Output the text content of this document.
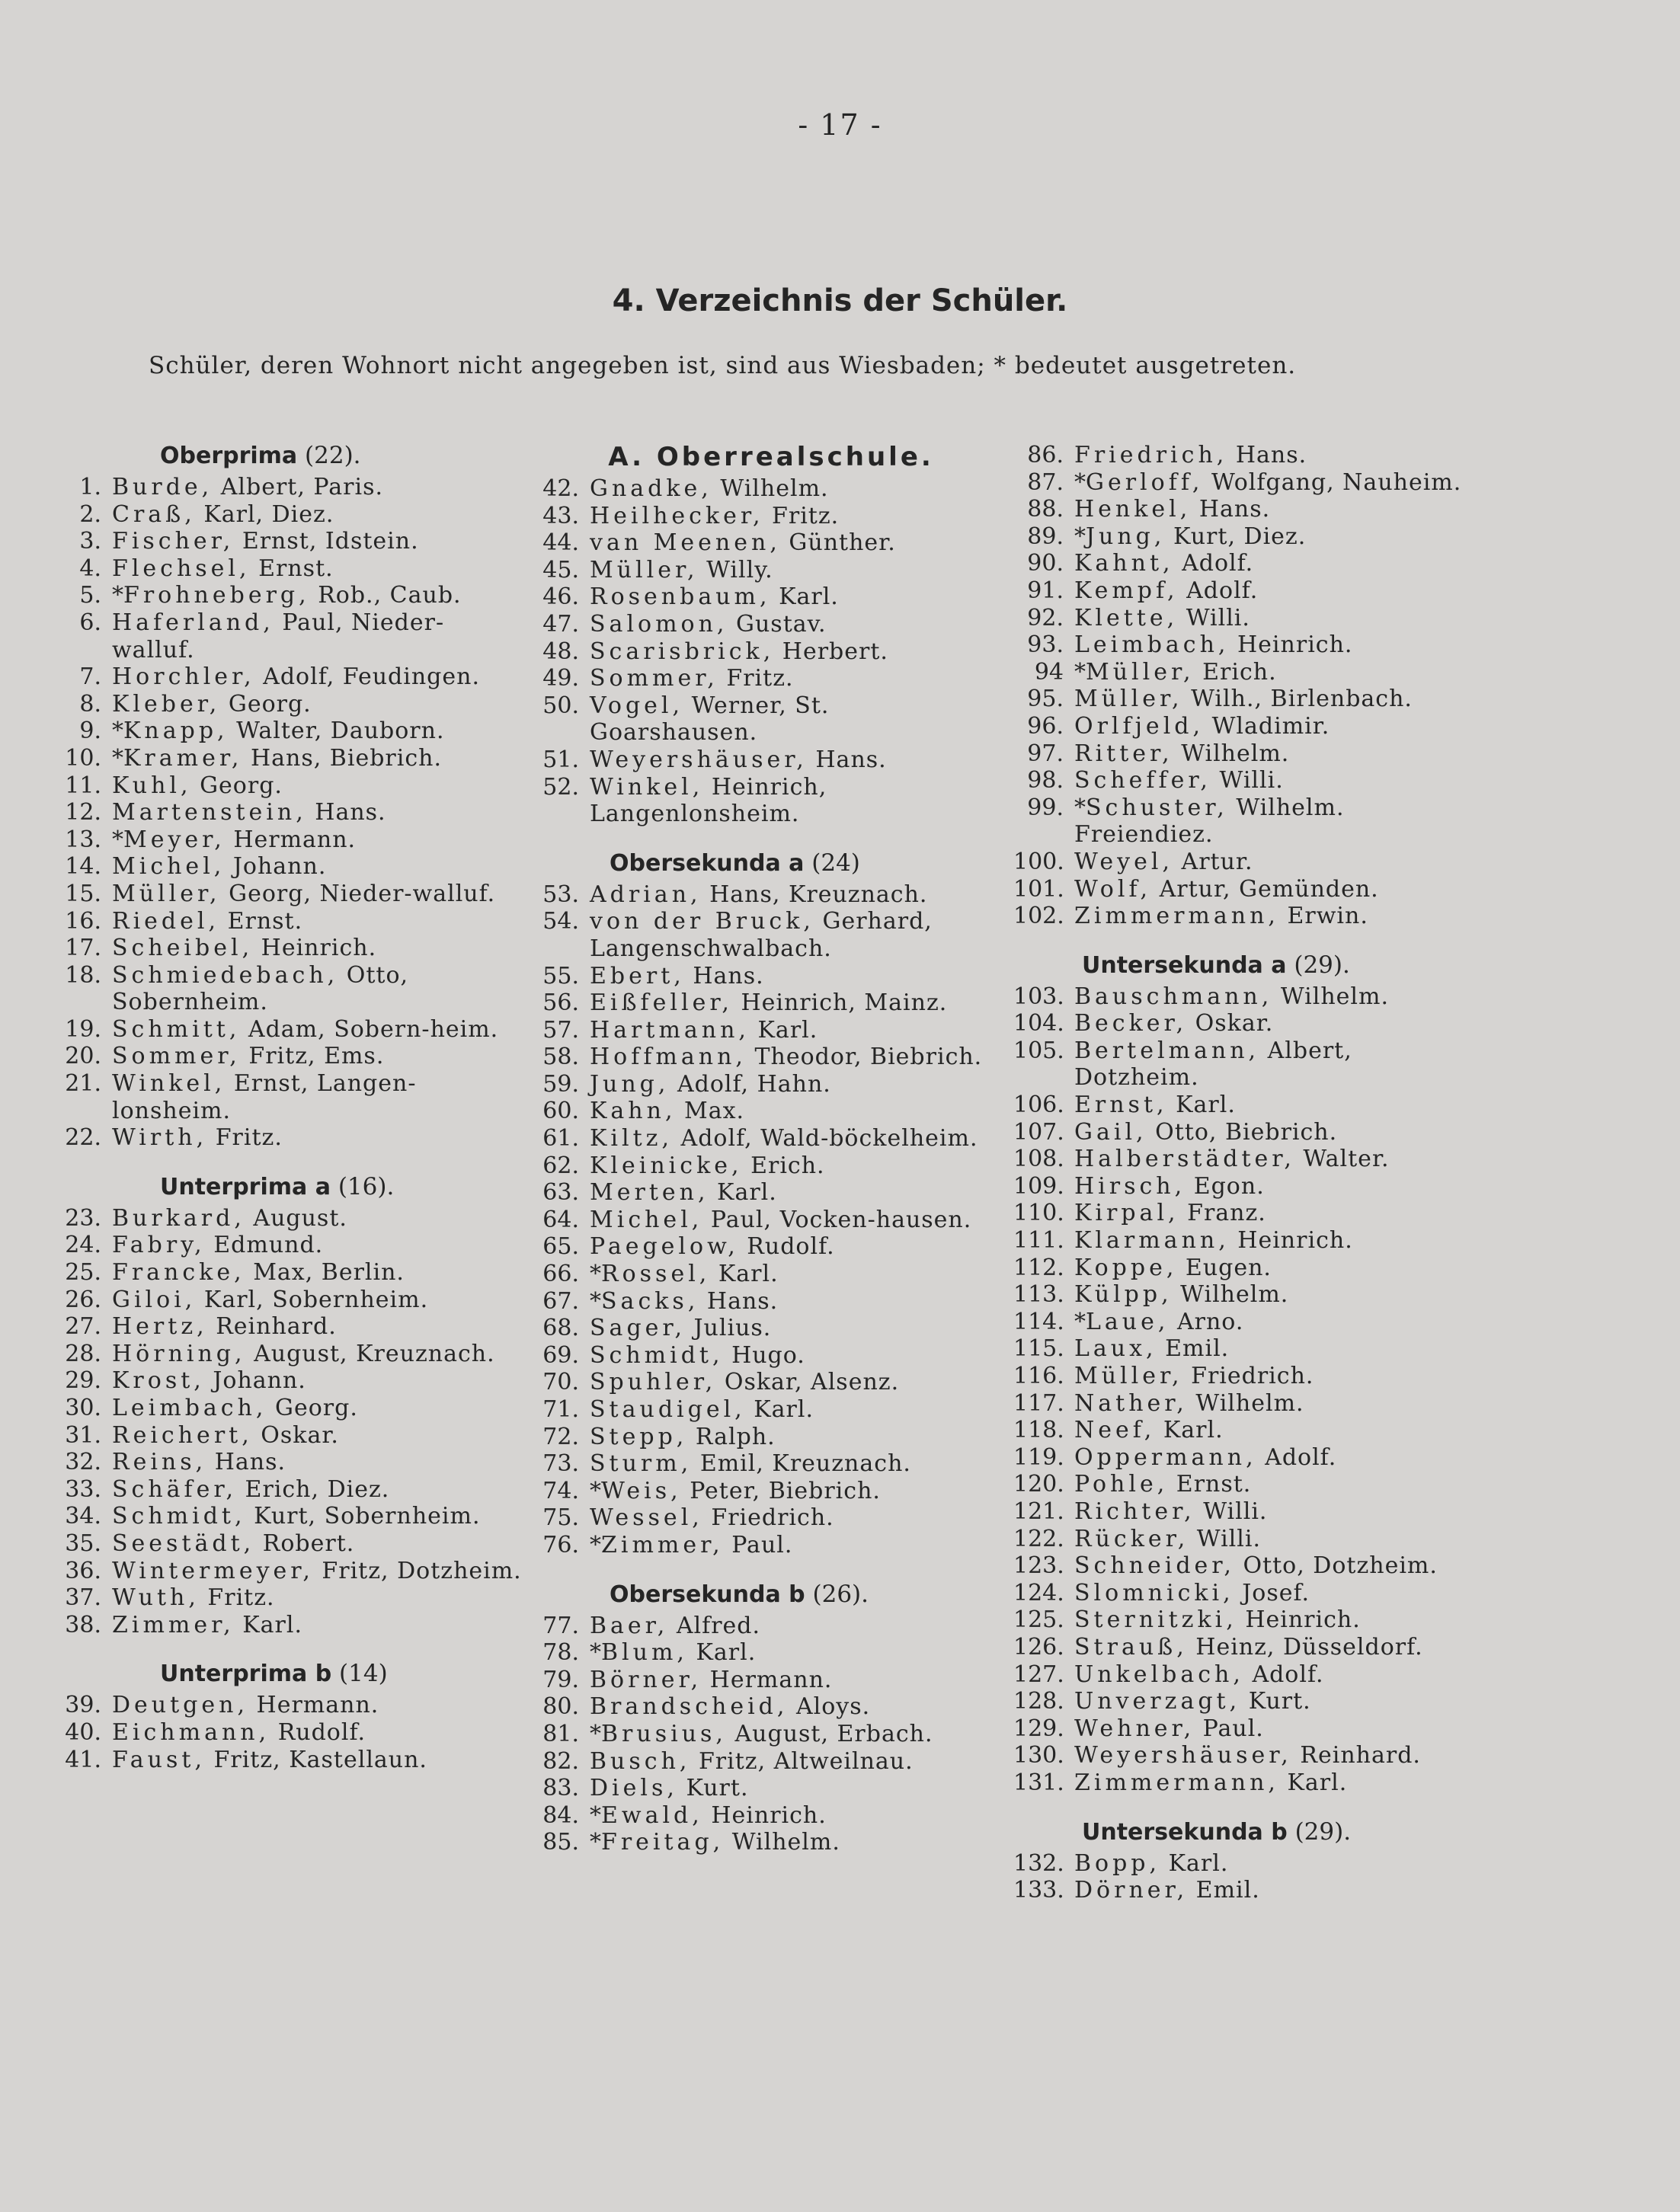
- 17 -
4. Verzeichnis der Schüler.
Schüler, deren Wohnort nicht angegeben ist, sind aus Wiesbaden; * bedeutet ausgetreten.
Oberprima (22).
1. Burde, Albert, Paris.
2. Craß, Karl, Diez.
3. Fischer, Ernst, Idstein.
4. Flechsel, Ernst.
5. *Frohneberg, Rob., Caub.
6. Haferland, Paul, Nieder-walluf.
7. Horchler, Adolf, Feudingen.
8. Kleber, Georg.
9. *Knapp, Walter, Dauborn.
10. *Kramer, Hans, Biebrich.
11. Kuhl, Georg.
12. Martenstein, Hans.
13. *Meyer, Hermann.
14. Michel, Johann.
15. Müller, Georg, Nieder-walluf.
16. Riedel, Ernst.
17. Scheibel, Heinrich.
18. Schmiedebach, Otto, Sobernheim.
19. Schmitt, Adam, Sobern-heim.
20. Sommer, Fritz, Ems.
21. Winkel, Ernst, Langen-lonsheim.
22. Wirth, Fritz.
Unterprima a (16).
23. Burkard, August.
24. Fabry, Edmund.
25. Francke, Max, Berlin.
26. Giloi, Karl, Sobernheim.
27. Hertz, Reinhard.
28. Hörning, August, Kreuznach.
29. Krost, Johann.
30. Leimbach, Georg.
31. Reichert, Oskar.
32. Reins, Hans.
33. Schäfer, Erich, Diez.
34. Schmidt, Kurt, Sobernheim.
35. Seestädt, Robert.
36. Wintermeyer, Fritz, Dotzheim.
37. Wuth, Fritz.
38. Zimmer, Karl.
Unterprima b (14)
39. Deutgen, Hermann.
40. Eichmann, Rudolf.
41. Faust, Fritz, Kastellaun.
A. Oberrealschule.
42. Gnadke, Wilhelm.
43. Heilhecker, Fritz.
44. van Meenen, Günther.
45. Müller, Willy.
46. Rosenbaum, Karl.
47. Salomon, Gustav.
48. Scarisbrick, Herbert.
49. Sommer, Fritz.
50. Vogel, Werner, St. Goarshausen.
51. Weyershäuser, Hans.
52. Winkel, Heinrich, Langenlonsheim.
Obersekunda a (24)
53. Adrian, Hans, Kreuznach.
54. von der Bruck, Gerhard, Langenschwalbach.
55. Ebert, Hans.
56. Eißfeller, Heinrich, Mainz.
57. Hartmann, Karl.
58. Hoffmann, Theodor, Biebrich.
59. Jung, Adolf, Hahn.
60. Kahn, Max.
61. Kiltz, Adolf, Wald-böckelheim.
62. Kleinicke, Erich.
63. Merten, Karl.
64. Michel, Paul, Vocken-hausen.
65. Paegelow, Rudolf.
66. *Rossel, Karl.
67. *Sacks, Hans.
68. Sager, Julius.
69. Schmidt, Hugo.
70. Spuhler, Oskar, Alsenz.
71. Staudigel, Karl.
72. Stepp, Ralph.
73. Sturm, Emil, Kreuznach.
74. *Weis, Peter, Biebrich.
75. Wessel, Friedrich.
76. *Zimmer, Paul.
Obersekunda b (26).
77. Baer, Alfred.
78. *Blum, Karl.
79. Börner, Hermann.
80. Brandscheid, Aloys.
81. *Brusius, August, Erbach.
82. Busch, Fritz, Altweilnau.
83. Diels, Kurt.
84. *Ewald, Heinrich.
85. *Freitag, Wilhelm.
86. Friedrich, Hans.
87. *Gerloff, Wolfgang, Nauheim.
88. Henkel, Hans.
89. *Jung, Kurt, Diez.
90. Kahnt, Adolf.
91. Kempf, Adolf.
92. Klette, Willi.
93. Leimbach, Heinrich.
94 *Müller, Erich.
95. Müller, Wilh., Birlenbach.
96. Orlfjeld, Wladimir.
97. Ritter, Wilhelm.
98. Scheffer, Willi.
99. *Schuster, Wilhelm. Freiendiez.
100. Weyel, Artur.
101. Wolf, Artur, Gemünden.
102. Zimmermann, Erwin.
Untersekunda a (29).
103. Bauschmann, Wilhelm.
104. Becker, Oskar.
105. Bertelmann, Albert, Dotzheim.
106. Ernst, Karl.
107. Gail, Otto, Biebrich.
108. Halberstädter, Walter.
109. Hirsch, Egon.
110. Kirpal, Franz.
111. Klarmann, Heinrich.
112. Koppe, Eugen.
113. Külpp, Wilhelm.
114. *Laue, Arno.
115. Laux, Emil.
116. Müller, Friedrich.
117. Nather, Wilhelm.
118. Neef, Karl.
119. Oppermann, Adolf.
120. Pohle, Ernst.
121. Richter, Willi.
122. Rücker, Willi.
123. Schneider, Otto, Dotzheim.
124. Slomnicki, Josef.
125. Sternitzki, Heinrich.
126. Strauß, Heinz, Düsseldorf.
127. Unkelbach, Adolf.
128. Unverzagt, Kurt.
129. Wehner, Paul.
130. Weyershäuser, Reinhard.
131. Zimmermann, Karl.
Untersekunda b (29).
132. Bopp, Karl.
133. Dörner, Emil.
